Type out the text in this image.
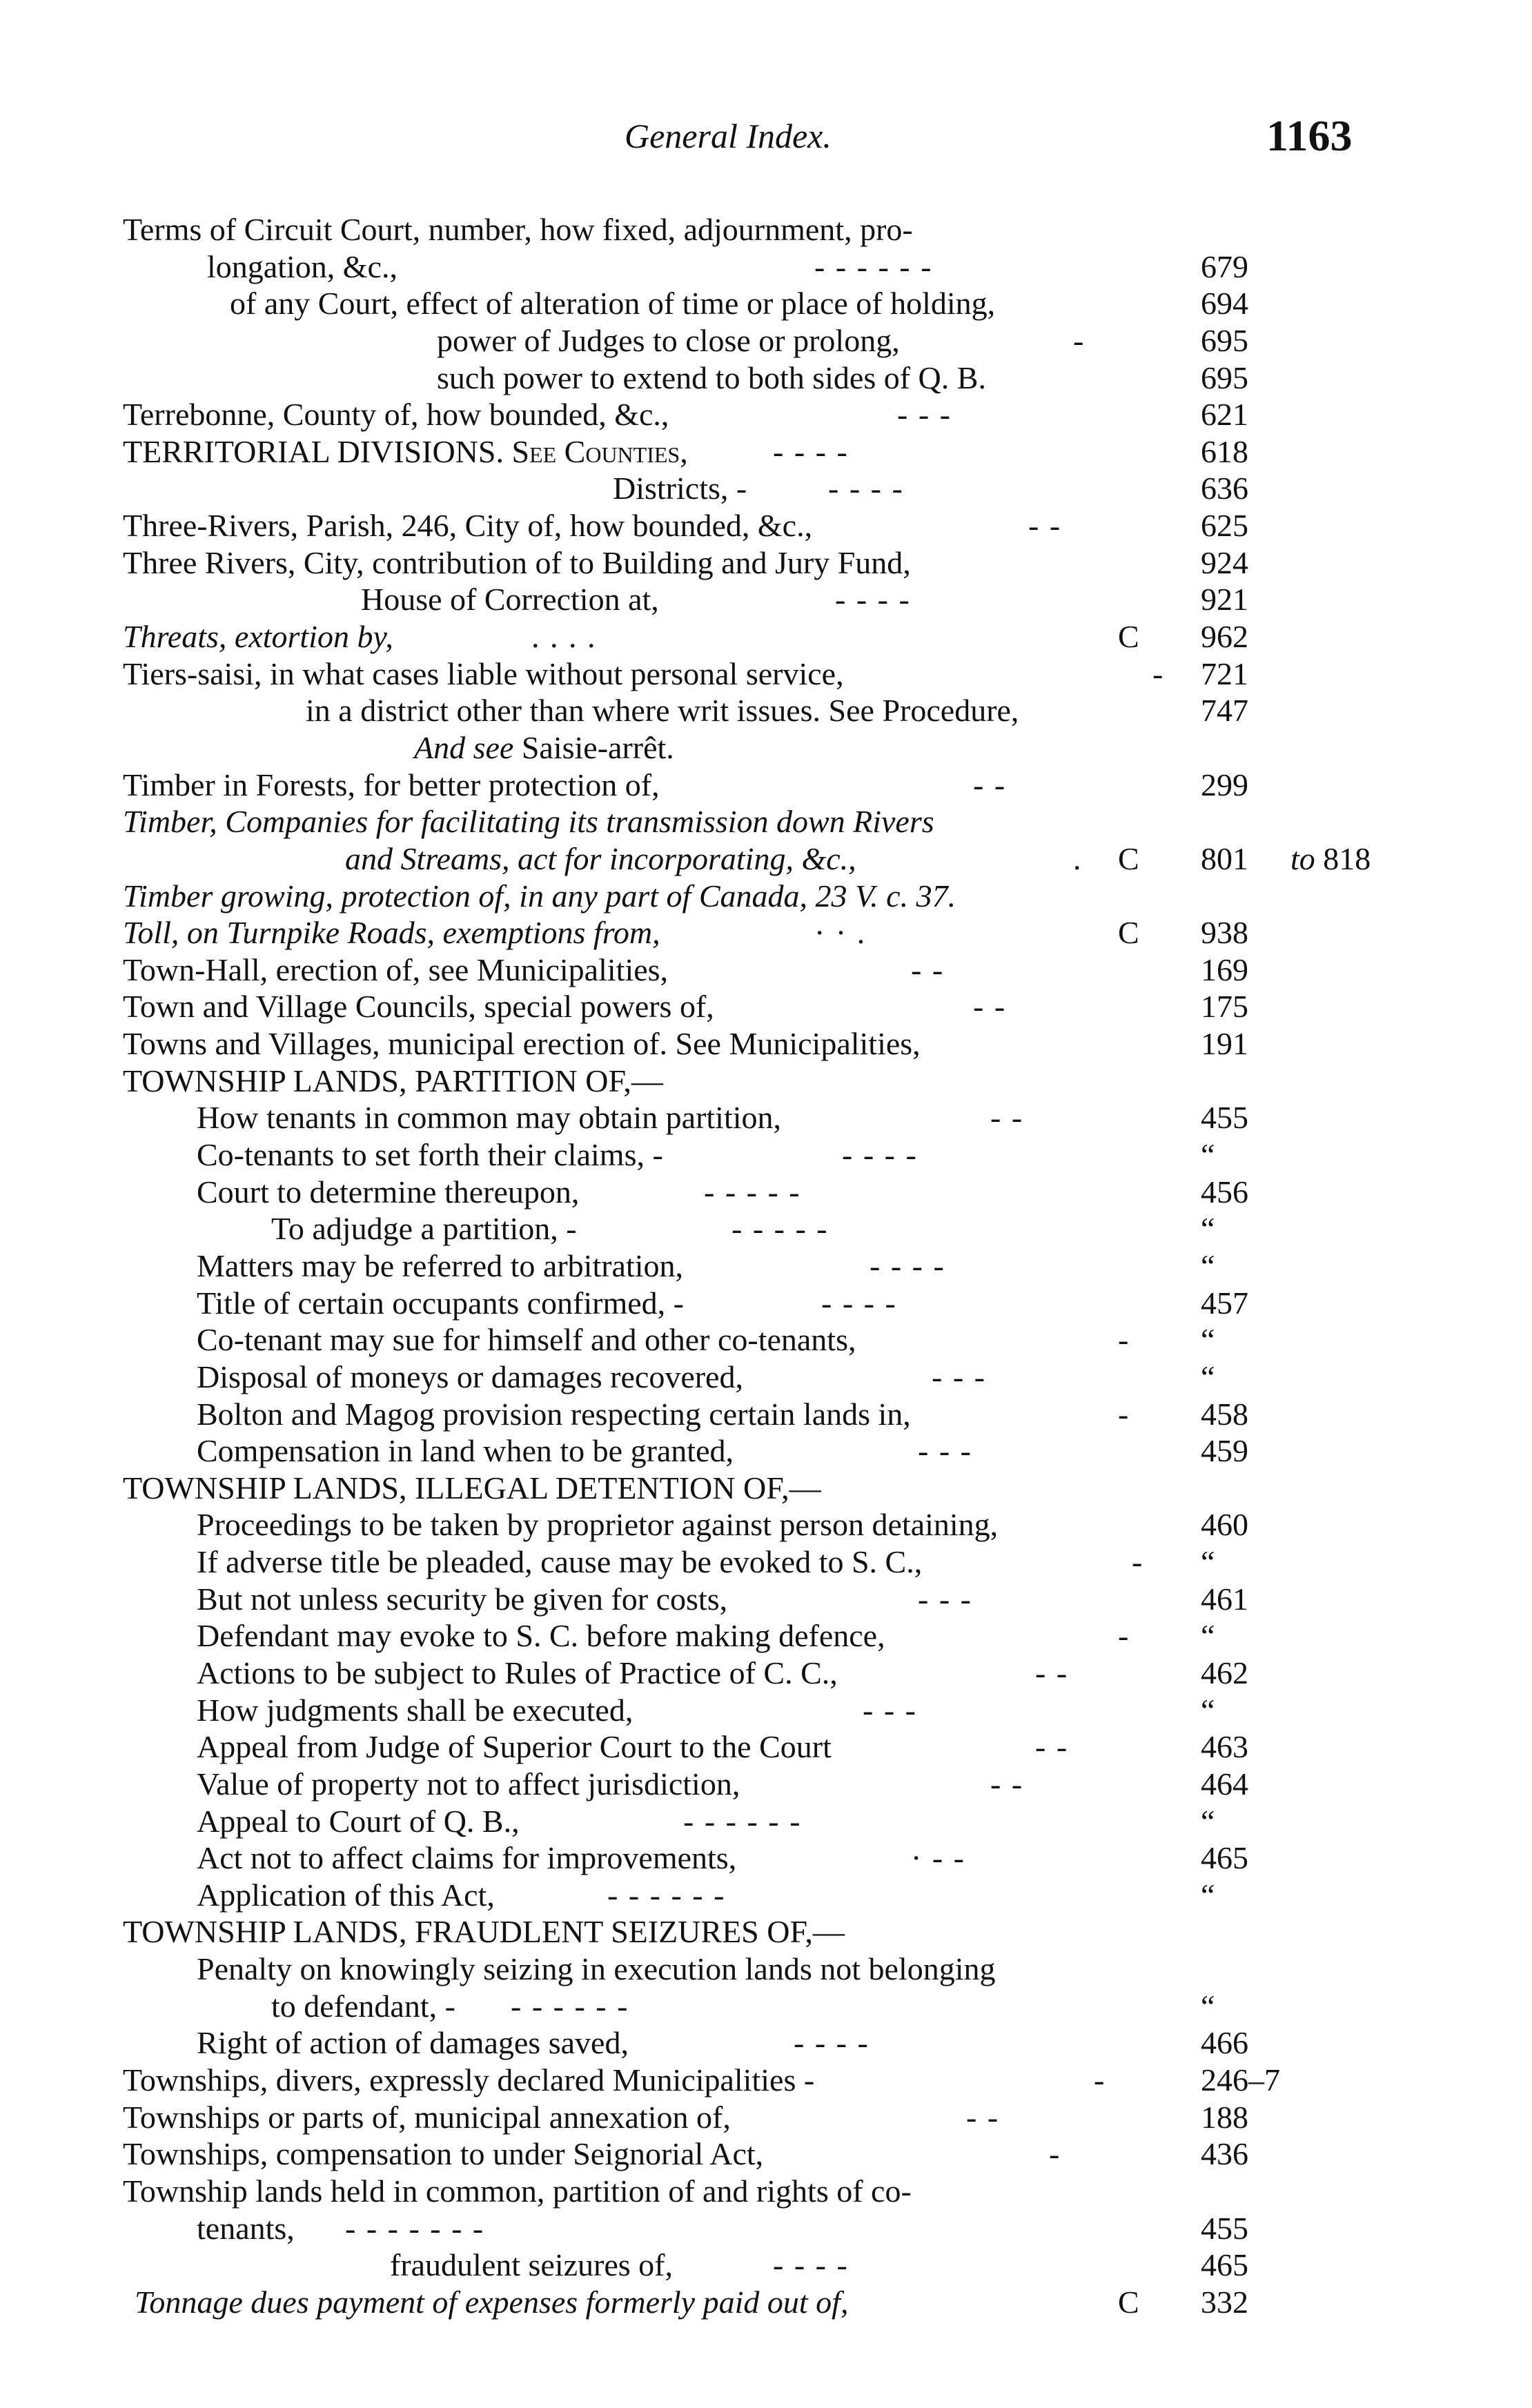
General Index.	1163
Terms of Circuit Court, number, how fixed, adjournment, pro-
longation, &c.,	- - - - - -	679
of any Court, effect of alteration of time or place of holding,	694
power of Judges to close or prolong,	-	695
such power to extend to both sides of Q. B.	695
Terrebonne, County of, how bounded, &c.,	- - -	621
TERRITORIAL DIVISIONS. See Counties,	- - - -	618
Districts, -	- - - -	636
Three-Rivers, Parish, 246, City of, how bounded, &c.,	- -	625
Three Rivers, City, contribution of to Building and Jury Fund,	924
House of Correction at,	- - - -	921
Threats, extortion by,	. . . .	C 962
Tiers-saisi, in what cases liable without personal service,	- 721
in a district other than where writ issues. See Procedure,	747
And see Saisie-arrêt.
Timber in Forests, for better protection of,	- -	299
Timber, Companies for facilitating its transmission down Rivers
and Streams, act for incorporating, &c.,	. C 801 to 818
Timber growing, protection of, in any part of Canada, 23 V. c. 37.
Toll, on Turnpike Roads, exemptions from,	· · .	C 938
Town-Hall, erection of, see Municipalities,	- -	169
Town and Village Councils, special powers of,	- -	175
Towns and Villages, municipal erection of. See Municipalities,	191
TOWNSHIP LANDS, PARTITION OF,—
How tenants in common may obtain partition,	- -	455
Co-tenants to set forth their claims, -	- - - -	“
Court to determine thereupon,	- - - - -	456
To adjudge a partition, -	- - - - -	“
Matters may be referred to arbitration,	- - - -	“
Title of certain occupants confirmed, -	- - - -	457
Co-tenant may sue for himself and other co-tenants,	- “
Disposal of moneys or damages recovered,	- - -	“
Bolton and Magog provision respecting certain lands in,	- 458
Compensation in land when to be granted,	- - -	459
TOWNSHIP LANDS, ILLEGAL DETENTION OF,—
Proceedings to be taken by proprietor against person detaining,	460
If adverse title be pleaded, cause may be evoked to S. C.,	- “
But not unless security be given for costs,	- - -	461
Defendant may evoke to S. C. before making defence,	- “
Actions to be subject to Rules of Practice of C. C.,	- -	462
How judgments shall be executed,	- - -	“
Appeal from Judge of Superior Court to the Court	- -	463
Value of property not to affect jurisdiction,	- -	464
Appeal to Court of Q. B.,	- - - - - -	“
Act not to affect claims for improvements,	· - -	465
Application of this Act,	- - - - - -	“
TOWNSHIP LANDS, FRAUDLENT SEIZURES OF,—
Penalty on knowingly seizing in execution lands not belonging
to defendant, - - - - - - -	“
Right of action of damages saved,	- - - -	466
Townships, divers, expressly declared Municipalities -	-	246–7
Townships or parts of, municipal annexation of,	- -	188
Townships, compensation to under Seignorial Act,	-	436
Township lands held in common, partition of and rights of co-
tenants, - - - - - - -	455
fraudulent seizures of,	- - - -	465
Tonnage dues payment of expenses formerly paid out of,	C 332
